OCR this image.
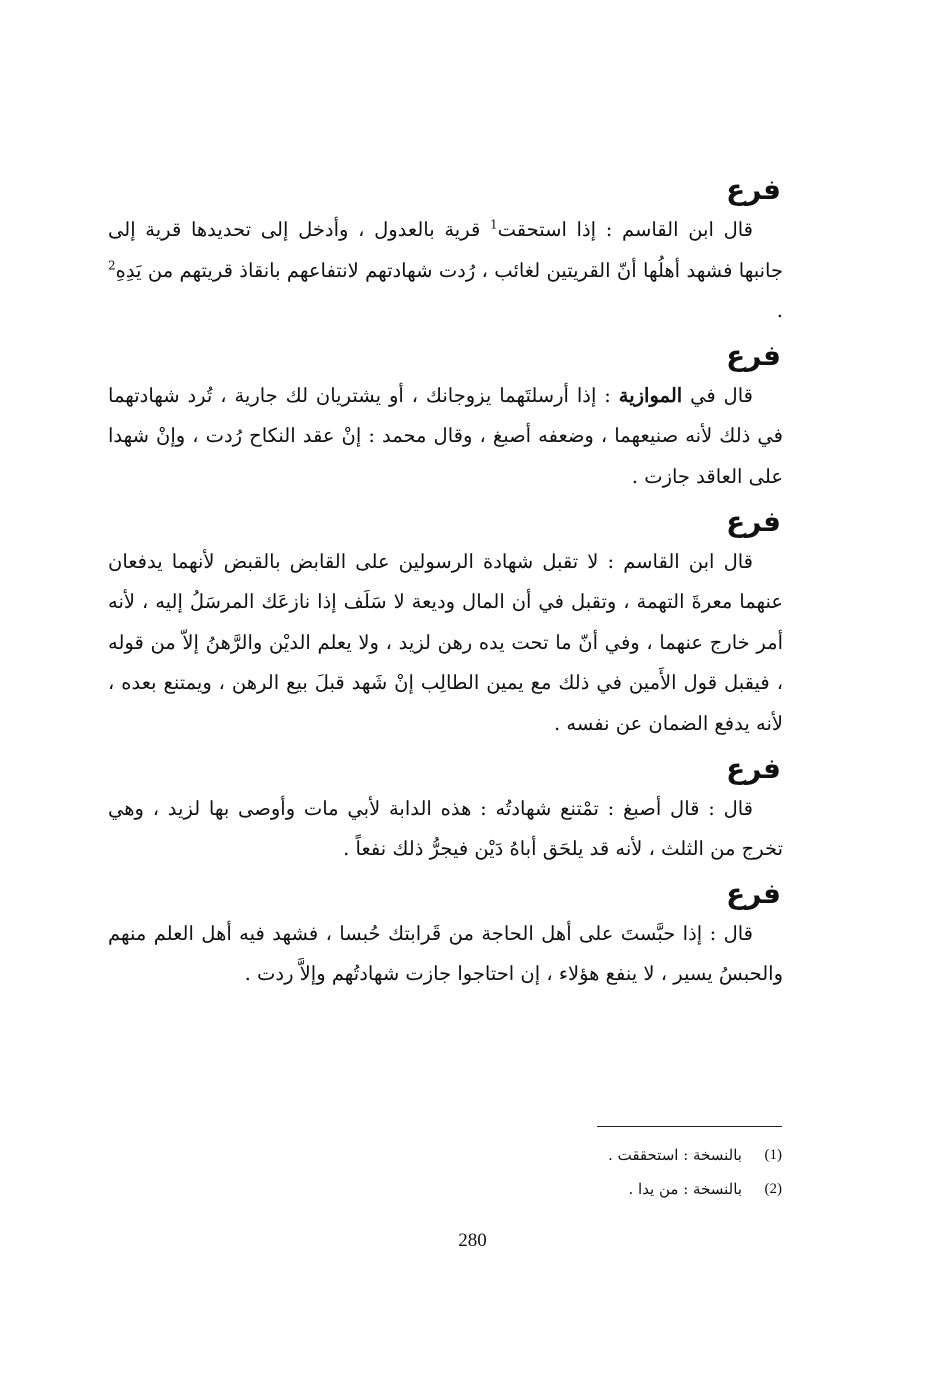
فرع

قال ابن القاسم : إذا استحقت$^1$ قرية بالعدول ، وأدخل إلى تحديدها قرية إلى جانبها فشهد أهلُها أنّ القريتين لغائب ، رُدت شهادتهم لانتفاعهم بانقاذ قريتهم من يَدِهِ$^2$ .

فرع

قال في الموازية : إذا أرسلتَهما يزوجانك ، أو يشتريان لك جارية ، تُرد شهادتهما في ذلك لأنه صنيعهما ، وضعفه أصبغ ، وقال محمد : إنْ عقد النكاح رُدت ، وإنْ شهدا على العاقد جازت .

فرع

قال ابن القاسم : لا تقبل شهادة الرسولين على القابض بالقبض لأنهما يدفعان عنهما معرةَ التهمة ، وتقبل في أن المال وديعة لا سَلَف إذا نازعَك المرسَلُ إليه ، لأنه أمر خارج عنهما ، وفي أنّ ما تحت يده رهن لزيد ، ولا يعلم الديْن والرَّهنُ إلاّ من قوله ، فيقبل قول الأَمين في ذلك مع يمين الطالِب إنْ شَهد قبلَ بيع الرهن ، ويمتنع بعده ، لأنه يدفع الضمان عن نفسه .

فرع

قال : قال أصبغ : تمْتنع شهادتُه : هذه الدابة لأبي مات وأوصى بها لزيد ، وهي تخرج من الثلث ، لأنه قد يلحَق أباهُ دَيْن فيجرُّ ذلك نفعاً .

فرع

قال : إذا حبَّستَ على أهل الحاجة من قَرابتك حُبسا ، فشهد فيه أهل العلم منهم والحبسُ يسير ، لا ينفع هؤلاء ، إن احتاجوا جازت شهادتُهم وإلاَّ ردت .

(1)
بالنسخة : استحققت .
(2)
بالنسخة : من يدا .
280
